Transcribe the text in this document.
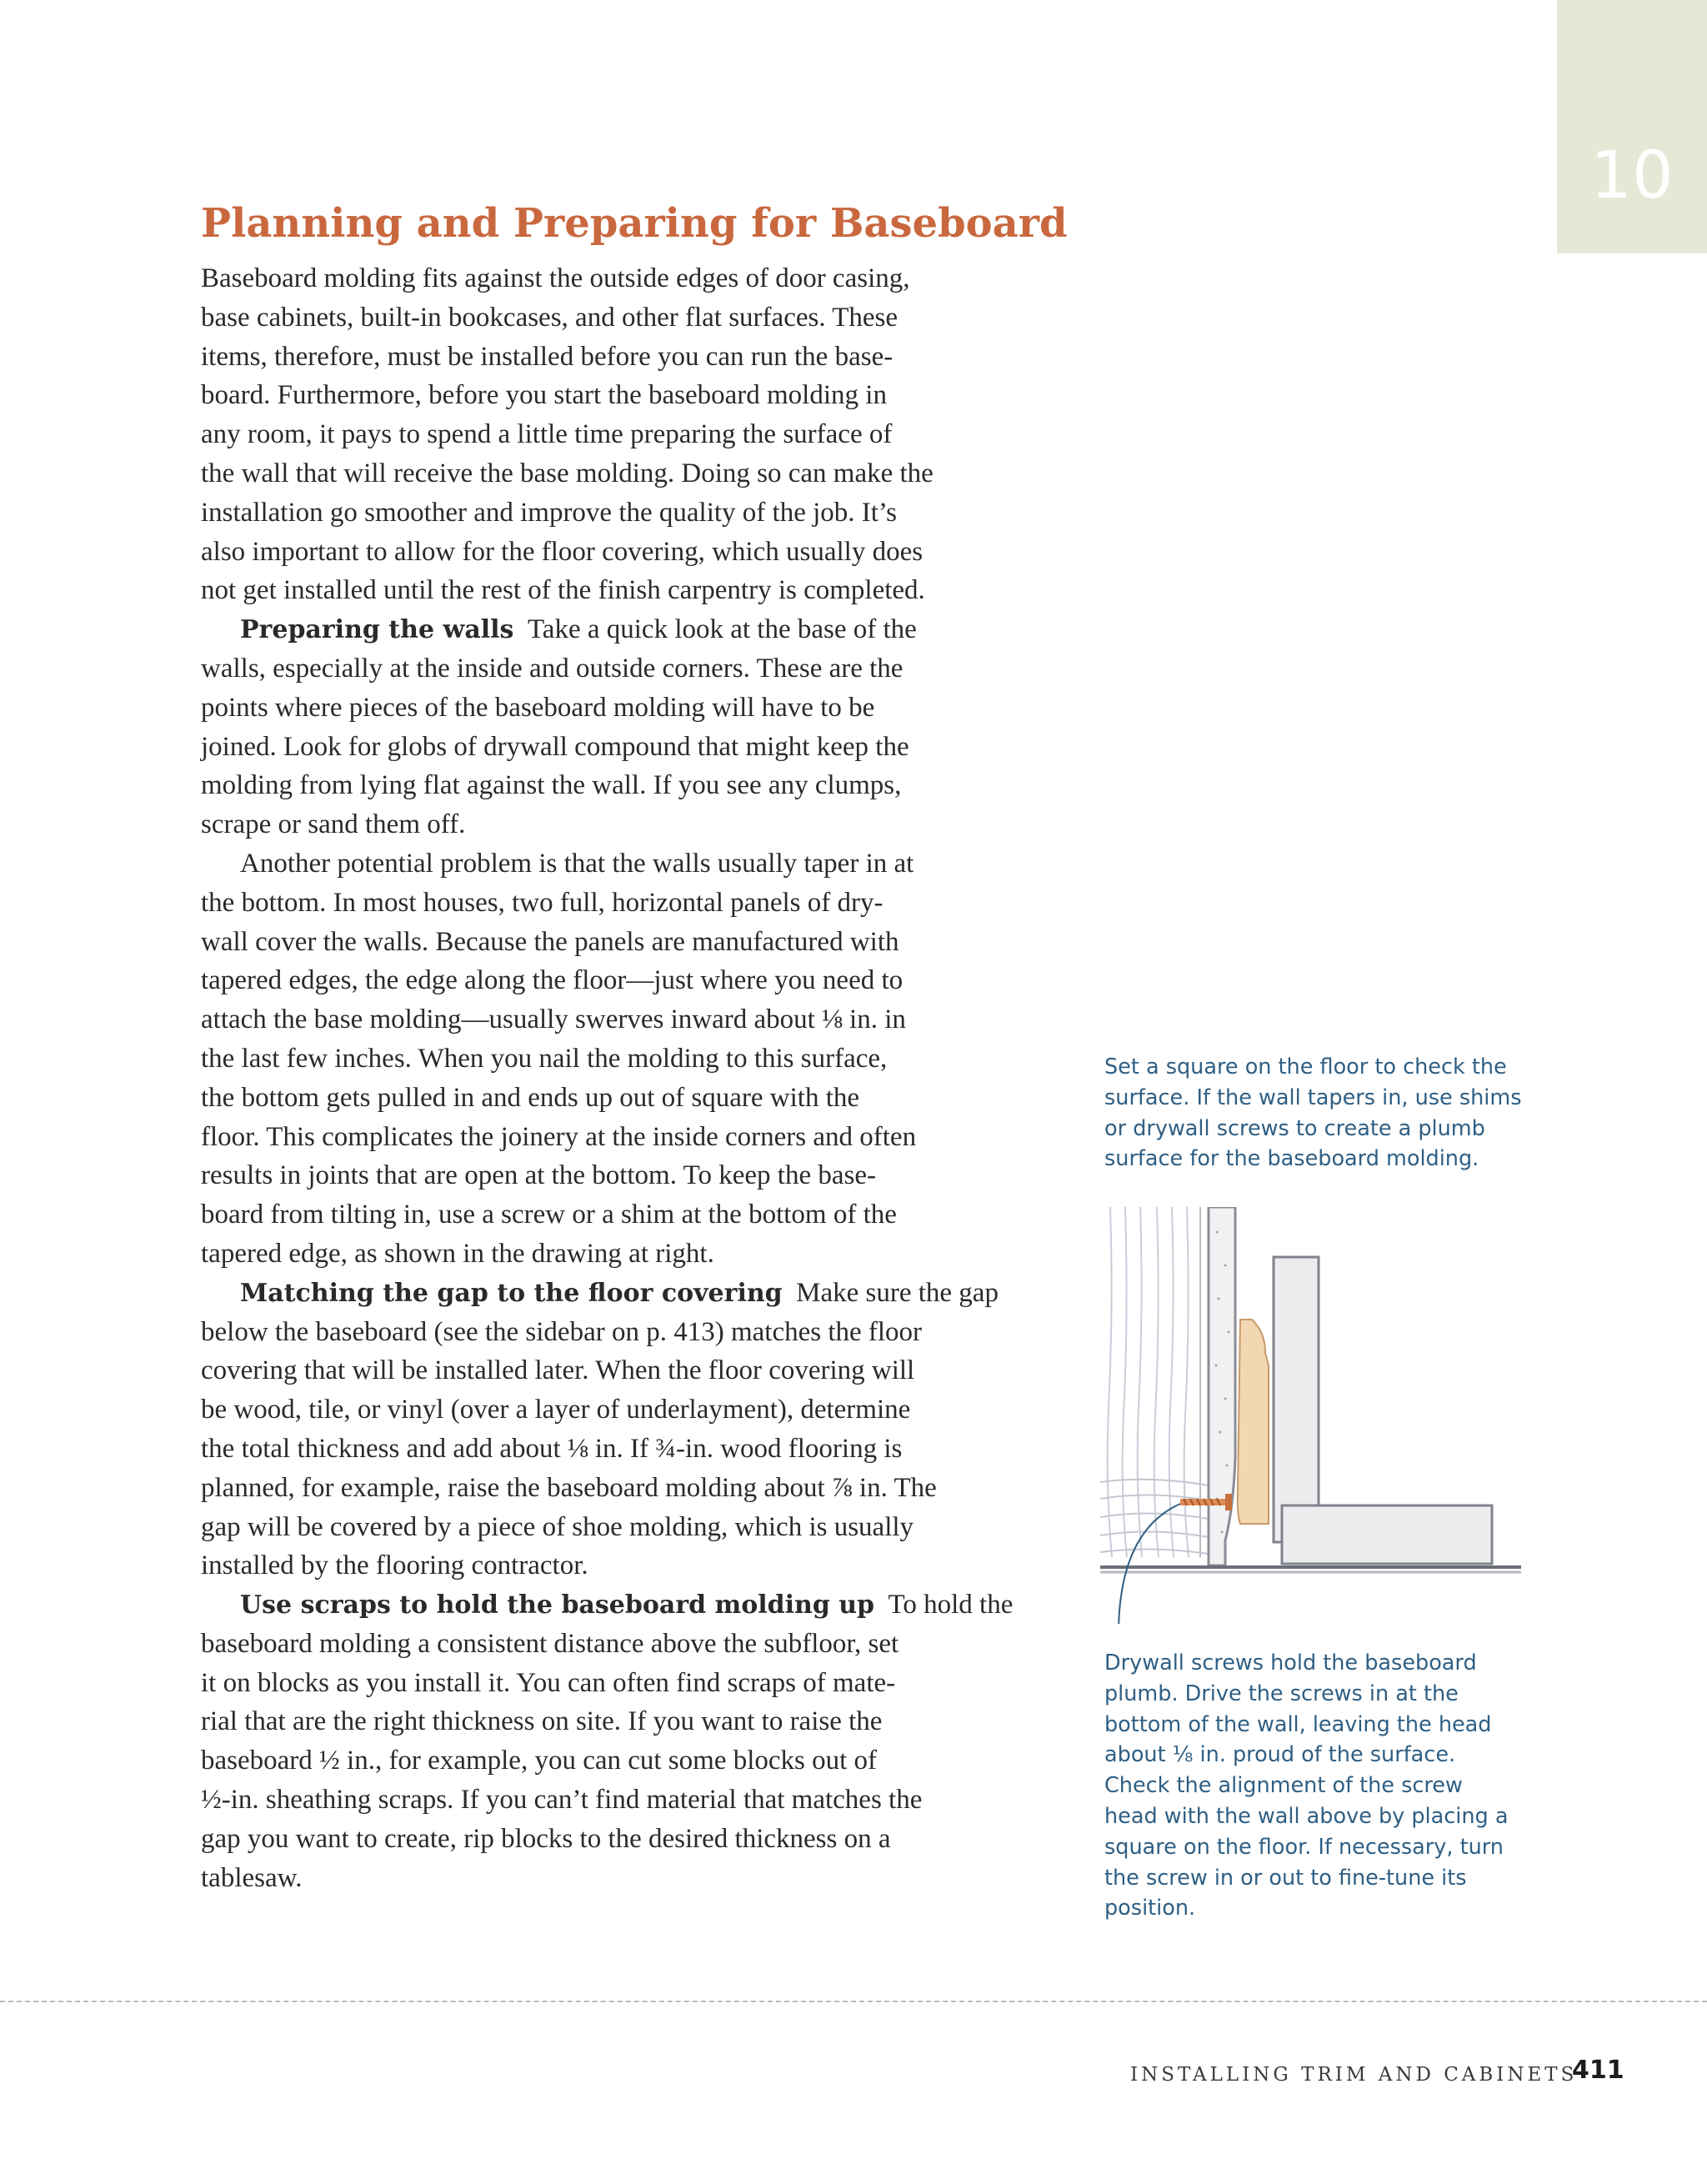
10
Planning and Preparing for Baseboard
Baseboard molding fits against the outside edges of door casing,
base cabinets, built-in bookcases, and other flat surfaces. These
items, therefore, must be installed before you can run the base-
board. Furthermore, before you start the baseboard molding in
any room, it pays to spend a little time preparing the surface of
the wall that will receive the base molding. Doing so can make the
installation go smoother and improve the quality of the job. It’s
also important to allow for the floor covering, which usually does
not get installed until the rest of the finish carpentry is completed.
Preparing the walls Take a quick look at the base of the
walls, especially at the inside and outside corners. These are the
points where pieces of the baseboard molding will have to be
joined. Look for globs of drywall compound that might keep the
molding from lying flat against the wall. If you see any clumps,
scrape or sand them off.
Another potential problem is that the walls usually taper in at
the bottom. In most houses, two full, horizontal panels of dry-
wall cover the walls. Because the panels are manufactured with
tapered edges, the edge along the floor—just where you need to
attach the base molding—usually swerves inward about ⅛ in. in
the last few inches. When you nail the molding to this surface,
the bottom gets pulled in and ends up out of square with the
floor. This complicates the joinery at the inside corners and often
results in joints that are open at the bottom. To keep the base-
board from tilting in, use a screw or a shim at the bottom of the
tapered edge, as shown in the drawing at right.
Matching the gap to the floor covering Make sure the gap
below the baseboard (see the sidebar on p. 413) matches the floor
covering that will be installed later. When the floor covering will
be wood, tile, or vinyl (over a layer of underlayment), determine
the total thickness and add about ⅛ in. If ¾-in. wood flooring is
planned, for example, raise the baseboard molding about ⅞ in. The
gap will be covered by a piece of shoe molding, which is usually
installed by the flooring contractor.
Use scraps to hold the baseboard molding up To hold the
baseboard molding a consistent distance above the subfloor, set
it on blocks as you install it. You can often find scraps of mate-
rial that are the right thickness on site. If you want to raise the
baseboard ½ in., for example, you can cut some blocks out of
½-in. sheathing scraps. If you can’t find material that matches the
gap you want to create, rip blocks to the desired thickness on a
tablesaw.
Set a square on the floor to check the
surface. If the wall tapers in, use shims
or drywall screws to create a plumb
surface for the baseboard molding.
Drywall screws hold the baseboard
plumb. Drive the screws in at the
bottom of the wall, leaving the head
about ⅛ in. proud of the surface.
Check the alignment of the screw
head with the wall above by placing a
square on the floor. If necessary, turn
the screw in or out to fine-tune its
position.
INSTALLING TRIM AND CABINETS
411
